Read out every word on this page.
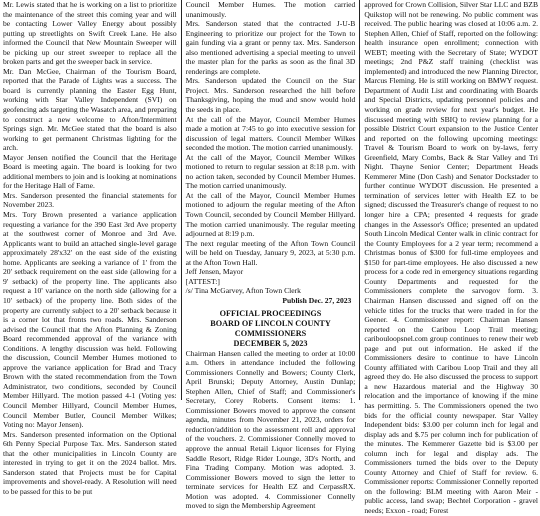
Mr. Lewis stated that he is working on a list to prioritize the maintenance of the street this coming year and will be contacting Lower Valley Energy about possibly putting up streetlights on Swift Creek Lane. He also informed the Council that New Mountain Sweeper will be picking up our street sweeper to replace all the broken parts and get the sweeper back in service.

Mr. Dan McGee, Chairman of the Tourism Board, reported that the Parade of Lights was a success. The board is currently planning the Easter Egg Hunt, working with Star Valley Independent (SVI) on geofencing ads targeting the Wasatch area, and preparing to construct a new welcome to Afton/Intermittent Springs sign. Mr. McGee stated that the board is also working to get permanent Christmas lighting for the arch.

Mayor Jensen notified the Council that the Heritage Board is meeting again. The board is looking for two additional members to join and is looking at nominations for the Heritage Hall of Fame.

Mrs. Sanderson presented the financial statements for November 2023.

Mrs. Tory Brown presented a variance application requesting a variance for the 390 East 3rd Ave property at the southwest corner of Monroe and 3rd Ave. Applicants want to build an attached single-level garage approximately 28'x32' on the east side of the existing home. Applicants are seeking a variance of 1' from the 20' setback requirement on the east side (allowing for a 9' setback) of the property line. The applicants also request a 10' variance on the north side (allowing for a 10' setback) of the property line. Both sides of the property are currently subject to a 20' setback because it is a corner lot that fronts two roads. Mrs. Sanderson advised the Council that the Afton Planning & Zoning Board recommended approval of the variance with Conditions. A lengthy discussion was held. Following the discussion, Council Member Humes motioned to approve the variance application for Brad and Tracy Brown with the stated recommendation from the Town Administrator, two conditions, seconded by Council Member Hillyard. The motion passed 4-1 (Voting yes: Council Member Hillyard, Council Member Humes, Council Member Butler, Council Member Wilkes; Voting no: Mayor Jensen).

Mrs. Sanderson presented information on the Optional 6th Penny Special Purpose Tax. Mrs. Sanderson stated that the other municipalities in Lincoln County are interested in trying to get it on the 2024 ballot. Mrs. Sanderson stated that Projects must be for Capital improvements and shovel-ready. A Resolution will need to be passed for this to be put

Council Member Humes. The motion carried unanimously.

Mrs. Sanderson stated that the contracted J-U-B Engineering to prioritize our project for the Town to gain funding via a grant or penny tax. Mrs. Sanderson also mentioned advertising a special meeting to unveil the master plan for the parks as soon as the final 3D renderings are complete.

Mrs. Sanderson updated the Council on the Star Project. Mrs. Sanderson researched the hill before Thanksgiving, hoping the mud and snow would hold the seeds in place.

At the call of the Mayor, Council Member Humes made a motion at 7:45 to go into executive session for discussion of legal matters. Council Member Wilkes seconded the motion. The motion carried unanimously.

At the call of the Mayor, Council Member Wilkes motioned to return to regular session at 8:18 p.m. with no action taken, seconded by Council Member Humes. The motion carried unanimously.

At the call of the Mayor, Council Member Humes motioned to adjourn the regular meeting of the Afton Town Council, seconded by Council Member Hillyard. The motion carried unanimously. The regular meeting adjourned at 8:19 p.m.

The next regular meeting of the Afton Town Council will be held on Tuesday, January 9, 2023, at 5:30 p.m. at the Afton Town Hall.

Jeff Jensen, Mayor

[ATTEST:]

/s/ Tina McGarvey, Afton Town Clerk

Publish Dec. 27, 2023

OFFICIAL PROCEEDINGS

BOARD OF LINCOLN COUNTY COMMISSIONERS

DECEMBER 5, 2023

Chairman Hansen called the meeting to order at 10:00 a.m. Others in attendance included the following Commissioners Connelly and Bowers; County Clerk, April Brunski; Deputy Attorney, Austin Dunlap; Stephen Allen, Chief of Staff; and Commissioner's Secretary, Corey Roberts. Consent items: 1. Commissioner Bowers moved to approve the consent agenda, minutes from November 21, 2023, orders for reduction/addition to the assessment roll and approval of the vouchers. 2. Commissioner Connelly moved to approve the annual Retail Liquor licenses for Flying Saddle Resort, Ridge Rider Lounge, 3D's North, and Fina Trading Company. Motion was adopted. 3. Commissioner Bowers moved to sign the letter to terminate services for Health EZ and CerpassRX. Motion was adopted. 4. Commissioner Connelly moved to sign the Membership Agreement

approved for Crown Collision, Silver Star LLC and BZB Quikstop will not be renewing. No public comment was received. The public hearing was closed at 10:06 a.m. 2. Stephen Allen, Chief of Staff, reported on the following: health insurance open enrollment; connection with WEBT; meeting with the Secretary of State; WYDOT meetings; 2nd P&Z staff training (checklist was implemented) and introduced the new Planning Director, Marcus Fleming. He is still working on BMWY request. Department of Audit List and coordinating with Boards and Special Districts, updating personnel policies and working on grade review for next year's budget. He discussed meeting with SBIQ to review planning for a possible District Court expansion to the Justice Center and reported on the following upcoming meetings: Travel & Tourism Board to work on by-laws, ferry Greenfield, Mary Combs, Back & Star Valley and Tri Night. Thayne Senior Center; Department Heads Kemmerer Mine (Don Cash) and Senator Dockstader to further continue WYDOT discussion. He presented a termination of services letter with Health EZ to be signed; discussed the Treasurer's change of request to no longer hire a CPA; presented 4 requests for grade changes in the Assessor's Office; presented an updated South Lincoln Medical Center walk in clinic contract for the County Employees for a 2 year term; recommend a Christmas bonus of $300 for full-time employees and $150 for part-time employees. He also discussed a new process for a code red in emergency situations regarding County Departments and requested for the Commissioners complete the sarvogov form. 3. Chairman Hansen discussed and signed off on the vehicle titles for the trucks that were traded in for the Geener. 4. Commissioner report: Chairman Hansen reported on the Caribou Loop Trail meeting; caribouloopsnel.com group continues to renew their web page and put out information. He asked if the Commissioners desire to continue to have Lincoln County affiliated with Caribou Loop Trail and they all agreed they do. He also discussed the process to support a new Hazardous material and the Highway 30 relocation and the importance of knowing if the mine has permitting. 5. The Commissioners opened the two bids for the official county newspaper. Star Valley Independent bids: $3.00 per column inch for legal and display ads and $.75 per column inch for publication of the minutes. The Kemmerer Gazette bid is $3.00 per column inch for legal and display ads. The Commissioners turned the bids over to the Deputy County Attorney and Chief of Staff for review. 6. Commissioner reports: Commissioner Connelly reported on the following: BLM meeting with Aaron Meir - public access, land swap; Bechtel Corporation - gravel needs; Exxon - road; Forest
